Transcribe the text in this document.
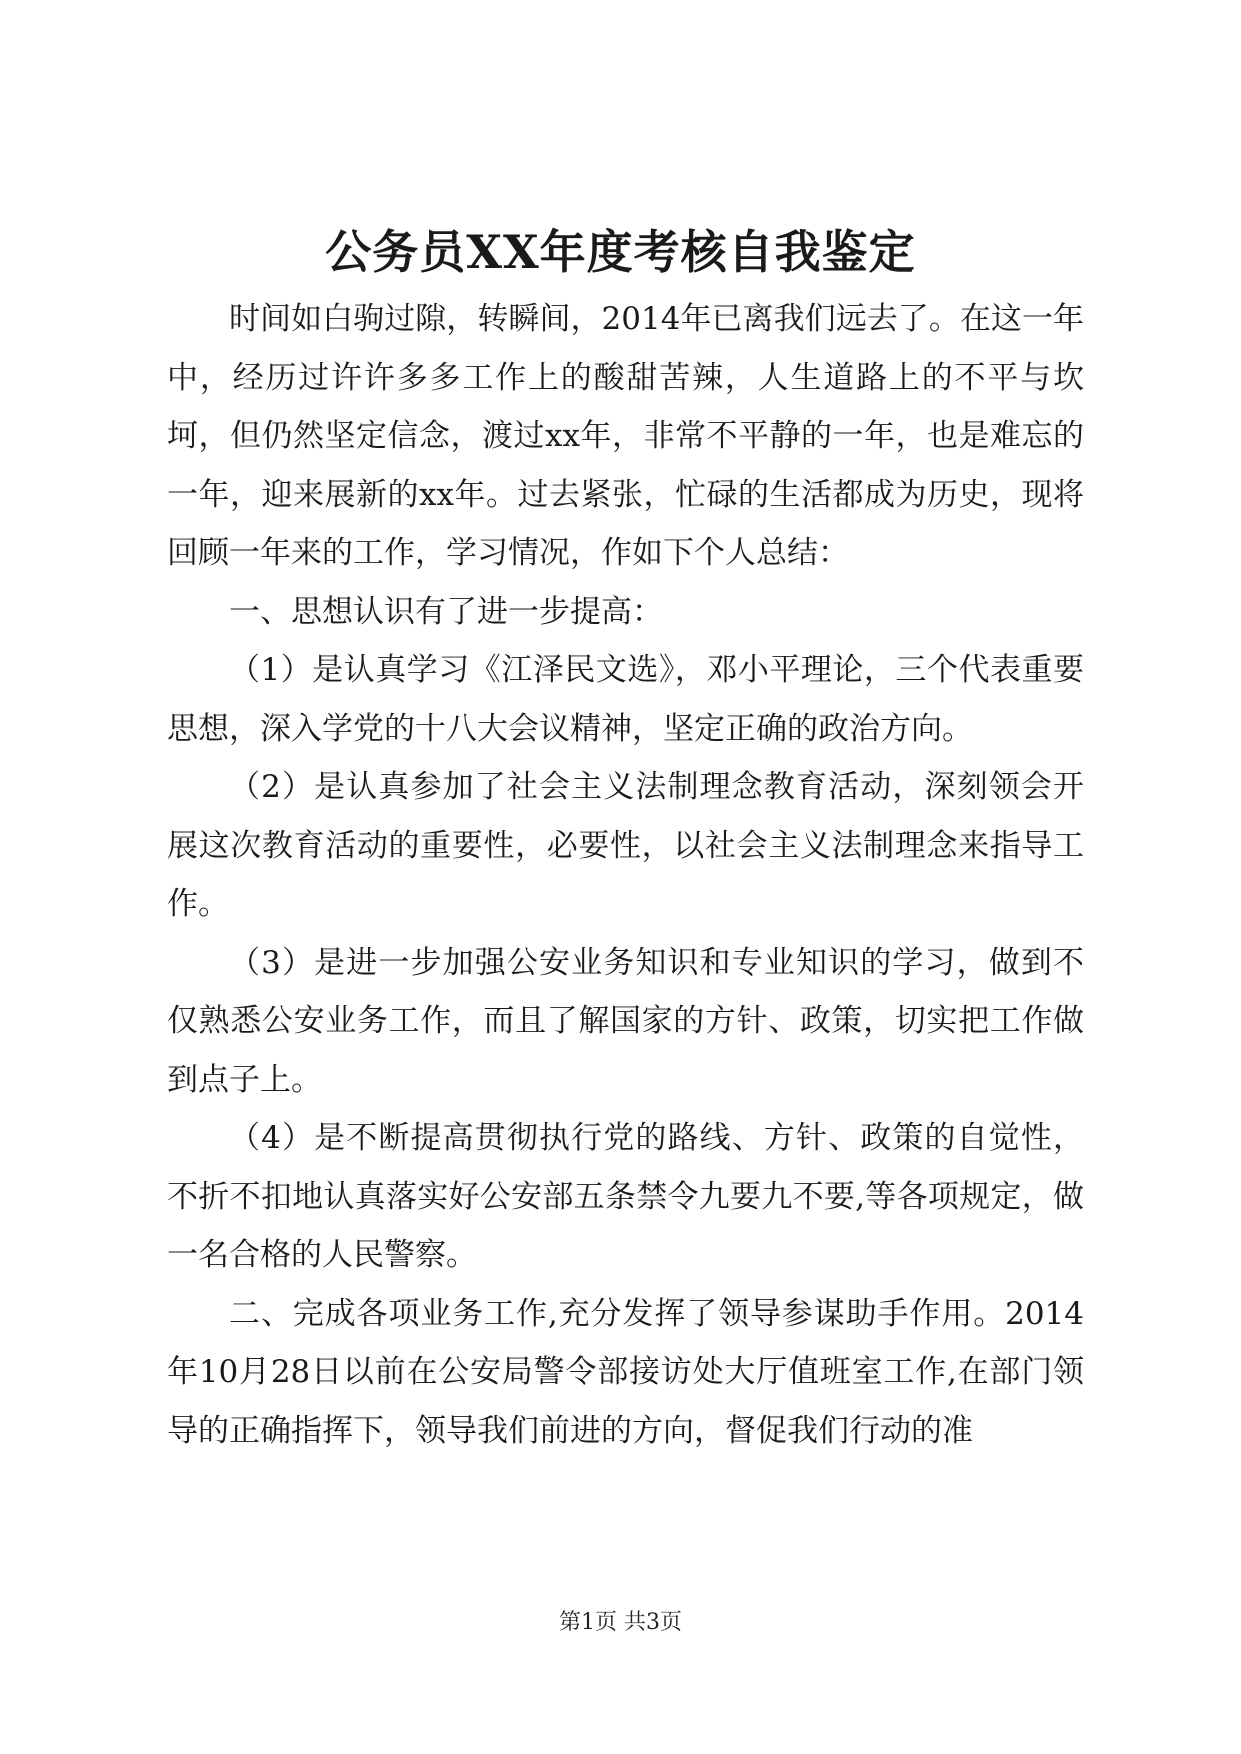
公务员XX年度考核自我鉴定

时间如白驹过隙，转瞬间，2014年已离我们远去了。在这一年中，经历过许许多多工作上的酸甜苦辣，人生道路上的不平与坎坷，但仍然坚定信念，渡过xx年，非常不平静的一年，也是难忘的一年，迎来展新的xx年。过去紧张，忙碌的生活都成为历史，现将回顾一年来的工作，学习情况，作如下个人总结：

一、思想认识有了进一步提高：

（1）是认真学习《江泽民文选》，邓小平理论，三个代表重要思想，深入学党的十八大会议精神，坚定正确的政治方向。

（2）是认真参加了社会主义法制理念教育活动，深刻领会开展这次教育活动的重要性，必要性，以社会主义法制理念来指导工作。

（3）是进一步加强公安业务知识和专业知识的学习，做到不仅熟悉公安业务工作，而且了解国家的方针、政策，切实把工作做到点子上。

（4）是不断提高贯彻执行党的路线、方针、政策的自觉性，不折不扣地认真落实好公安部五条禁令九要九不要,等各项规定，做一名合格的人民警察。

二、完成各项业务工作,充分发挥了领导参谋助手作用。2014年10月28日以前在公安局警令部接访处大厅值班室工作,在部门领导的正确指挥下，领导我们前进的方向，督促我们行动的准

第1页 共3页
